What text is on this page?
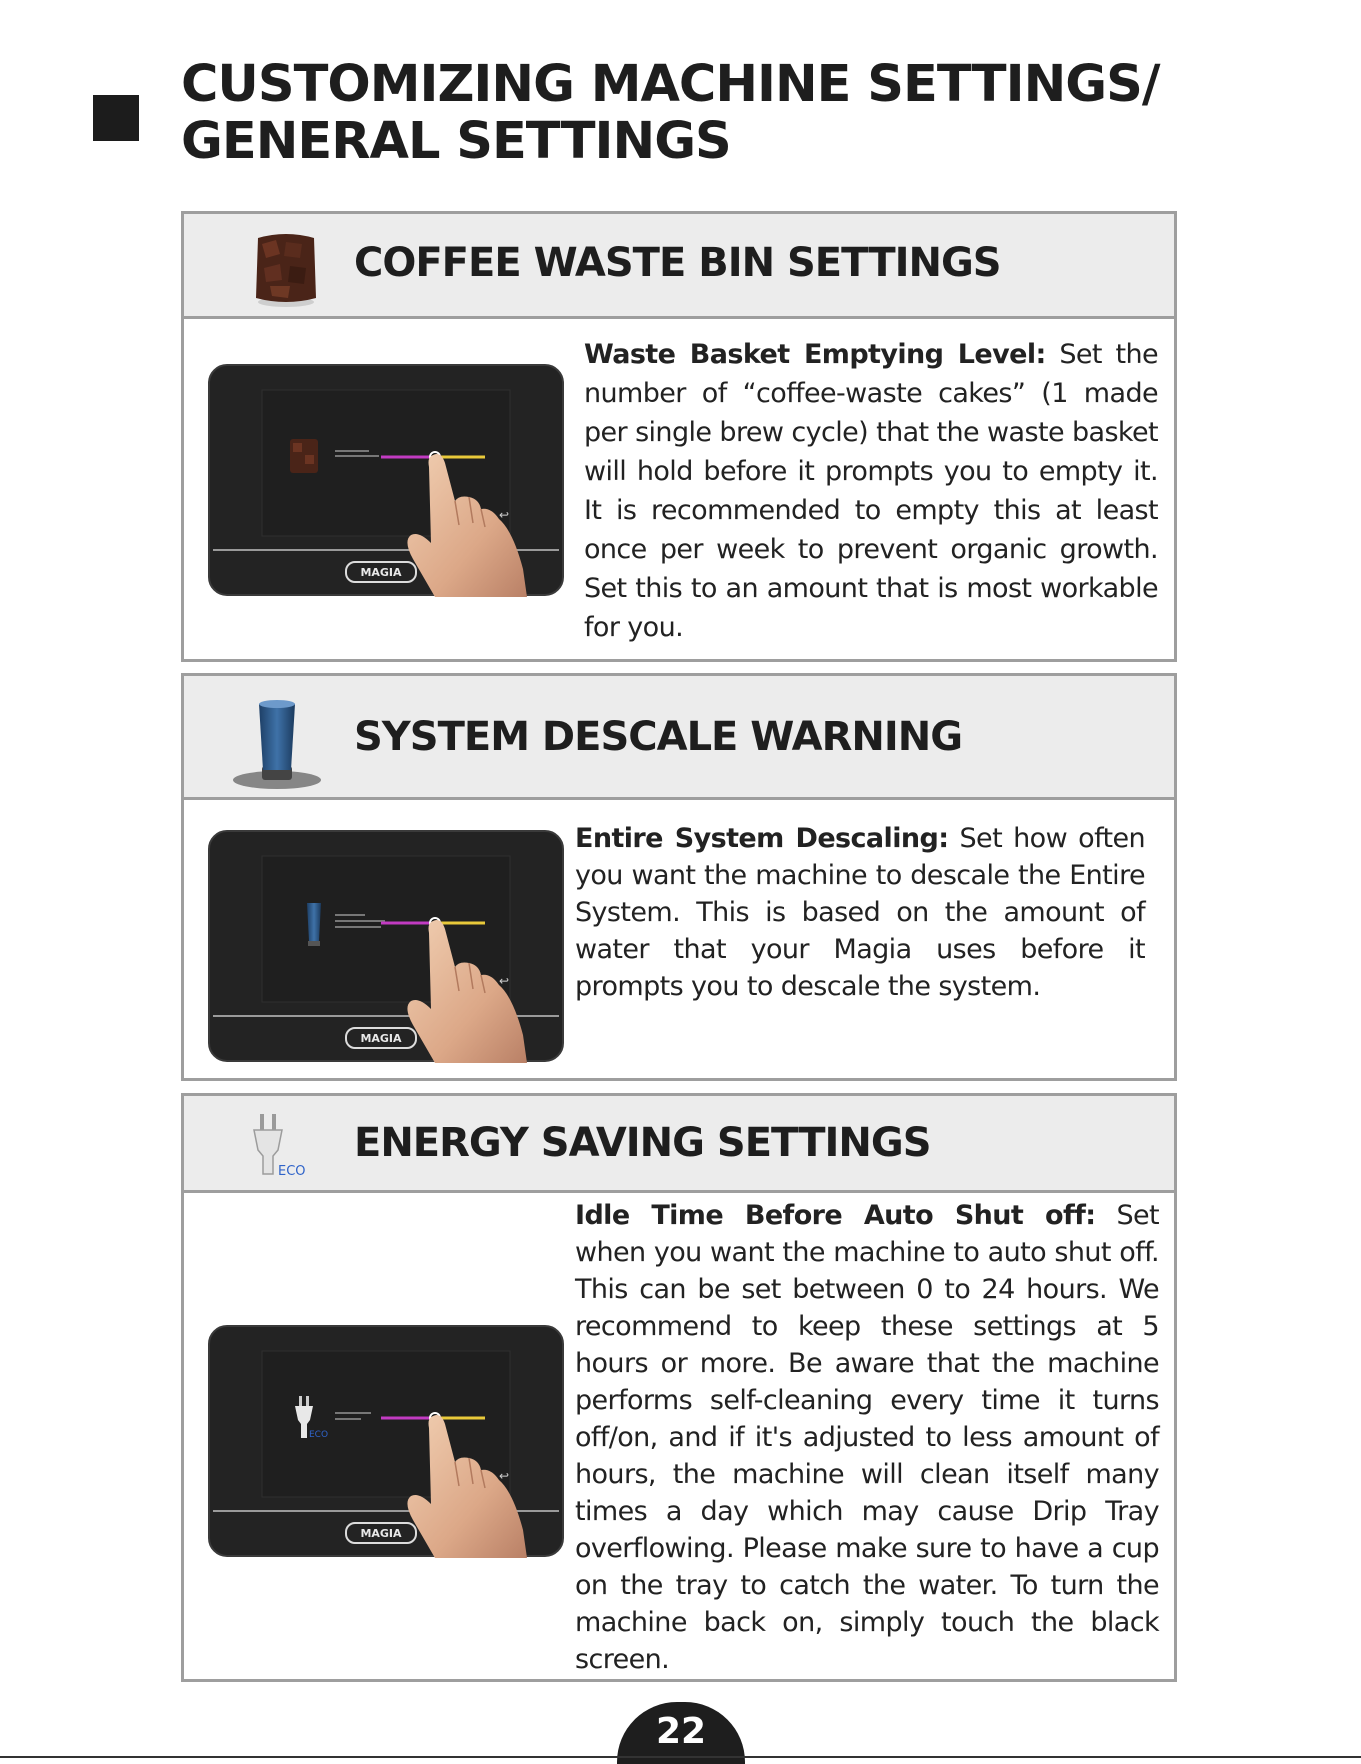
CUSTOMIZING MACHINE SETTINGS/
GENERAL SETTINGS
COFFEE WASTE BIN SETTINGS
↩
MAGIA

Waste Basket Emptying Level: Set the number of “coffee-waste cakes” (1 made per single brew cycle) that the waste basket will hold before it prompts you to empty it. It is recommended to empty this at least once per week to prevent organic growth. Set this to an amount that is most workable for you.

SYSTEM DESCALE WARNING
↩
MAGIA

Entire System Descaling: Set how often you want the machine to descale the Entire System. This is based on the amount of water that your Magia uses before it prompts you to descale the system.

ECO
ENERGY SAVING SETTINGS
ECO
↩
MAGIA

Idle Time Before Auto Shut off: Set when you want the machine to auto shut off. This can be set between 0 to 24 hours. We recommend to keep these settings at 5 hours or more. Be aware that the machine performs self-cleaning every time it turns off/on, and if it's adjusted to less amount of hours, the machine will clean itself many times a day which may cause Drip Tray overflowing. Please make sure to have a cup on the tray to catch the water. To turn the machine back on, simply touch the black screen.

22
